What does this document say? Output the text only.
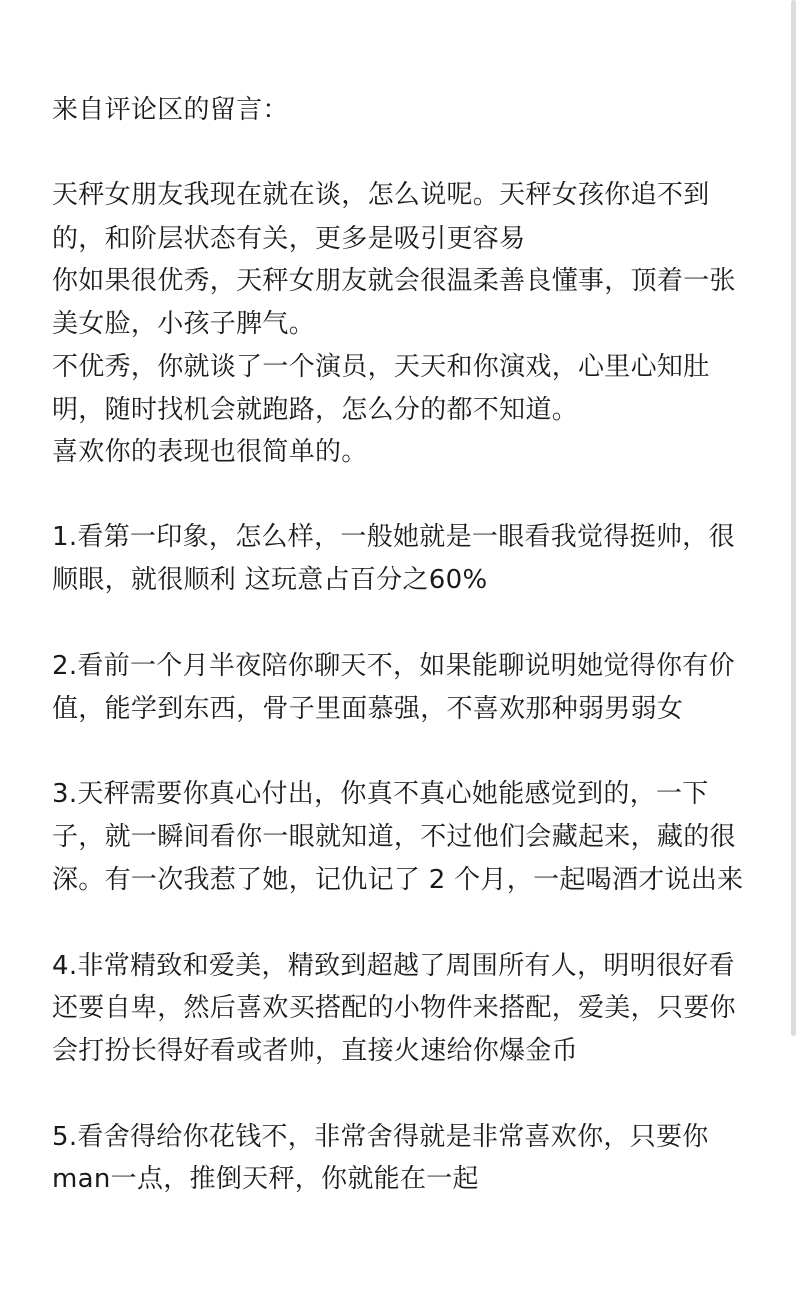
来自评论区的留言：
天秤女朋友我现在就在谈，怎么说呢。天秤女孩你追不到
的，和阶层状态有关，更多是吸引更容易
你如果很优秀，天秤女朋友就会很温柔善良懂事，顶着一张
美女脸，小孩子脾气。
不优秀，你就谈了一个演员，天天和你演戏，心里心知肚
明，随时找机会就跑路，怎么分的都不知道。
喜欢你的表现也很简单的。
1.看第一印象，怎么样，一般她就是一眼看我觉得挺帅，很
顺眼，就很顺利 这玩意占百分之60%
2.看前一个月半夜陪你聊天不，如果能聊说明她觉得你有价
值，能学到东西，骨子里面慕强，不喜欢那种弱男弱女
3.天秤需要你真心付出，你真不真心她能感觉到的，一下
子，就一瞬间看你一眼就知道，不过他们会藏起来，藏的很
深。有一次我惹了她，记仇记了 2 个月，一起喝酒才说出来
4.非常精致和爱美，精致到超越了周围所有人，明明很好看
还要自卑，然后喜欢买搭配的小物件来搭配，爱美，只要你
会打扮长得好看或者帅，直接火速给你爆金币
5.看舍得给你花钱不，非常舍得就是非常喜欢你，只要你
man一点，推倒天秤，你就能在一起
